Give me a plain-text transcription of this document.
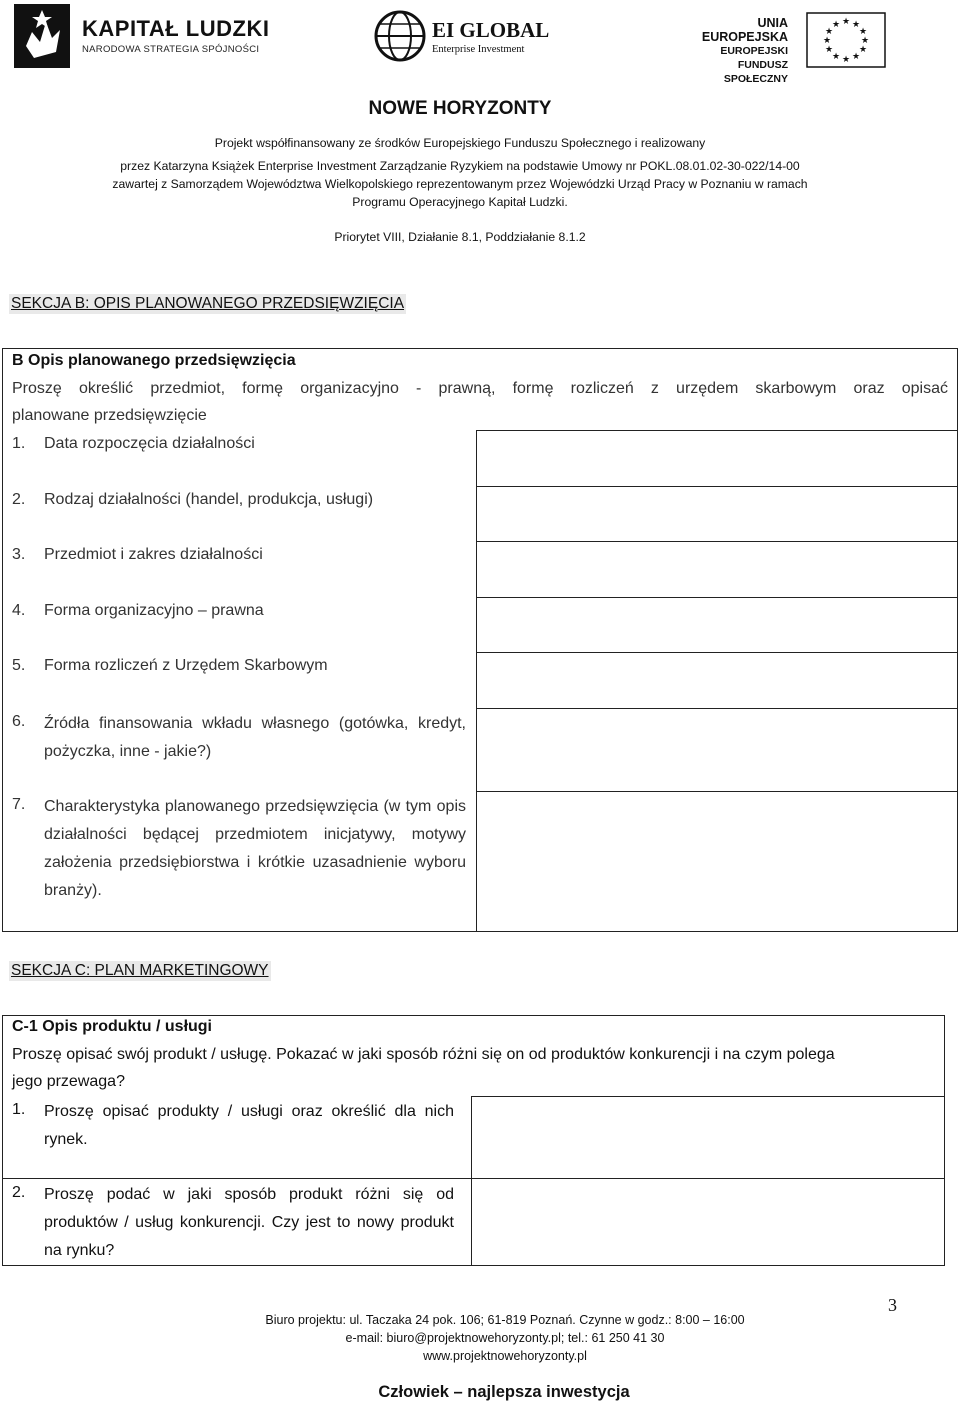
KAPITAŁ LUDZKI
NARODOWA STRATEGIA SPÓJNOŚCI
EI GLOBAL
Enterprise Investment
UNIA EUROPEJSKA
EUROPEJSKI
FUNDUSZ SPOŁECZNY
★ ★
★
★
★
★
★
★
★
★
★
★
NOWE HORYZONTY
Projekt współfinansowany ze środków Europejskiego Funduszu Społecznego i realizowany
przez Katarzyna Książek Enterprise Investment Zarządzanie Ryzykiem na podstawie Umowy nr POKL.08.01.02-30-022/14-00
zawartej z Samorządem Województwa Wielkopolskiego reprezentowanym przez Wojewódzki Urząd Pracy w Poznaniu w ramach
Programu Operacyjnego Kapitał Ludzki.
Priorytet VIII, Działanie 8.1, Poddziałanie 8.1.2
SEKCJA B: OPIS PLANOWANEGO PRZEDSIĘWZIĘCIA
B Opis planowanego przedsięwzięcia
Proszę określić przedmiot, formę organizacyjno - prawną, formę rozliczeń z urzędem skarbowym oraz opisać
planowane przedsięwzięcie
1. Data rozpoczęcia działalności
2. Rodzaj działalności (handel, produkcja, usługi)
3. Przedmiot i zakres działalności
4. Forma organizacyjno – prawna
5. Forma rozliczeń z Urzędem Skarbowym
6. Źródła finansowania wkładu własnego (gotówka, kredyt, pożyczka, inne - jakie?)
7. Charakterystyka planowanego przedsięwzięcia (w tym opis działalności będącej przedmiotem inicjatywy, motywy założenia przedsiębiorstwa i krótkie uzasadnienie wyboru branży).
SEKCJA C: PLAN MARKETINGOWY
C-1 Opis produktu / usługi
Proszę opisać swój produkt / usługę. Pokazać w jaki sposób różni się on od produktów konkurencji i na czym polega
jego przewaga?
1. Proszę opisać produkty / usługi oraz określić dla nich rynek.
2. Proszę podać w jaki sposób produkt różni się od produktów / usług konkurencji. Czy jest to nowy produkt na rynku?
3
Biuro projektu: ul. Taczaka 24 pok. 106; 61-819 Poznań. Czynne w godz.: 8:00 – 16:00
e-mail: biuro@projektnowehoryzonty.pl; tel.: 61 250 41 30
www.projektnowehoryzonty.pl
Człowiek – najlepsza inwestycja
